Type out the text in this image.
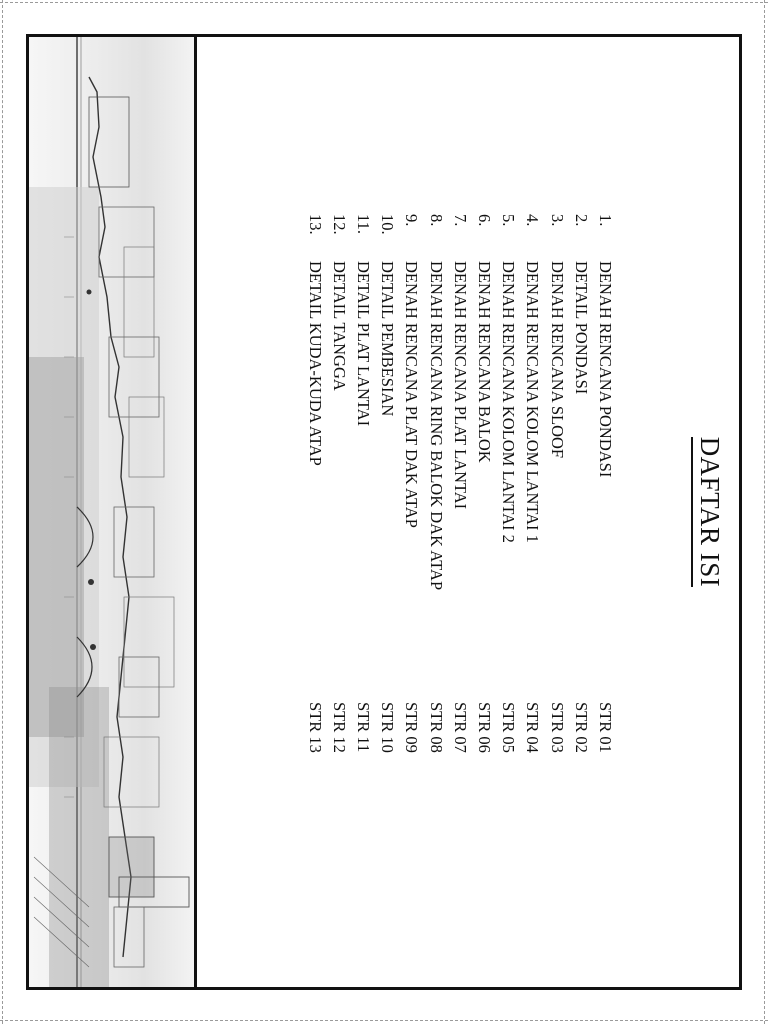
DAFTAR ISI
1.
DENAH RENCANA PONDASI
STR 01
2.
DETAIL PONDASI
STR 02
3.
DENAH RENCANA SLOOF
STR 03
4.
DENAH RENCANA KOLOM LANTAI 1
STR 04
5.
DENAH RENCANA KOLOM LANTAI 2
STR 05
6.
DENAH RENCANA BALOK
STR 06
7.
DENAH RENCANA PLAT LANTAI
STR 07
8.
DENAH RENCANA RING BALOK DAK ATAP
STR 08
9.
DENAH RENCANA PLAT DAK ATAP
STR 09
10.
DETAIL PEMBESIAN
STR 10
11.
DETAIL PLAT LANTAI
STR 11
12.
DETAIL TANGGA
STR 12
13.
DETAIL KUDA-KUDA ATAP
STR 13
